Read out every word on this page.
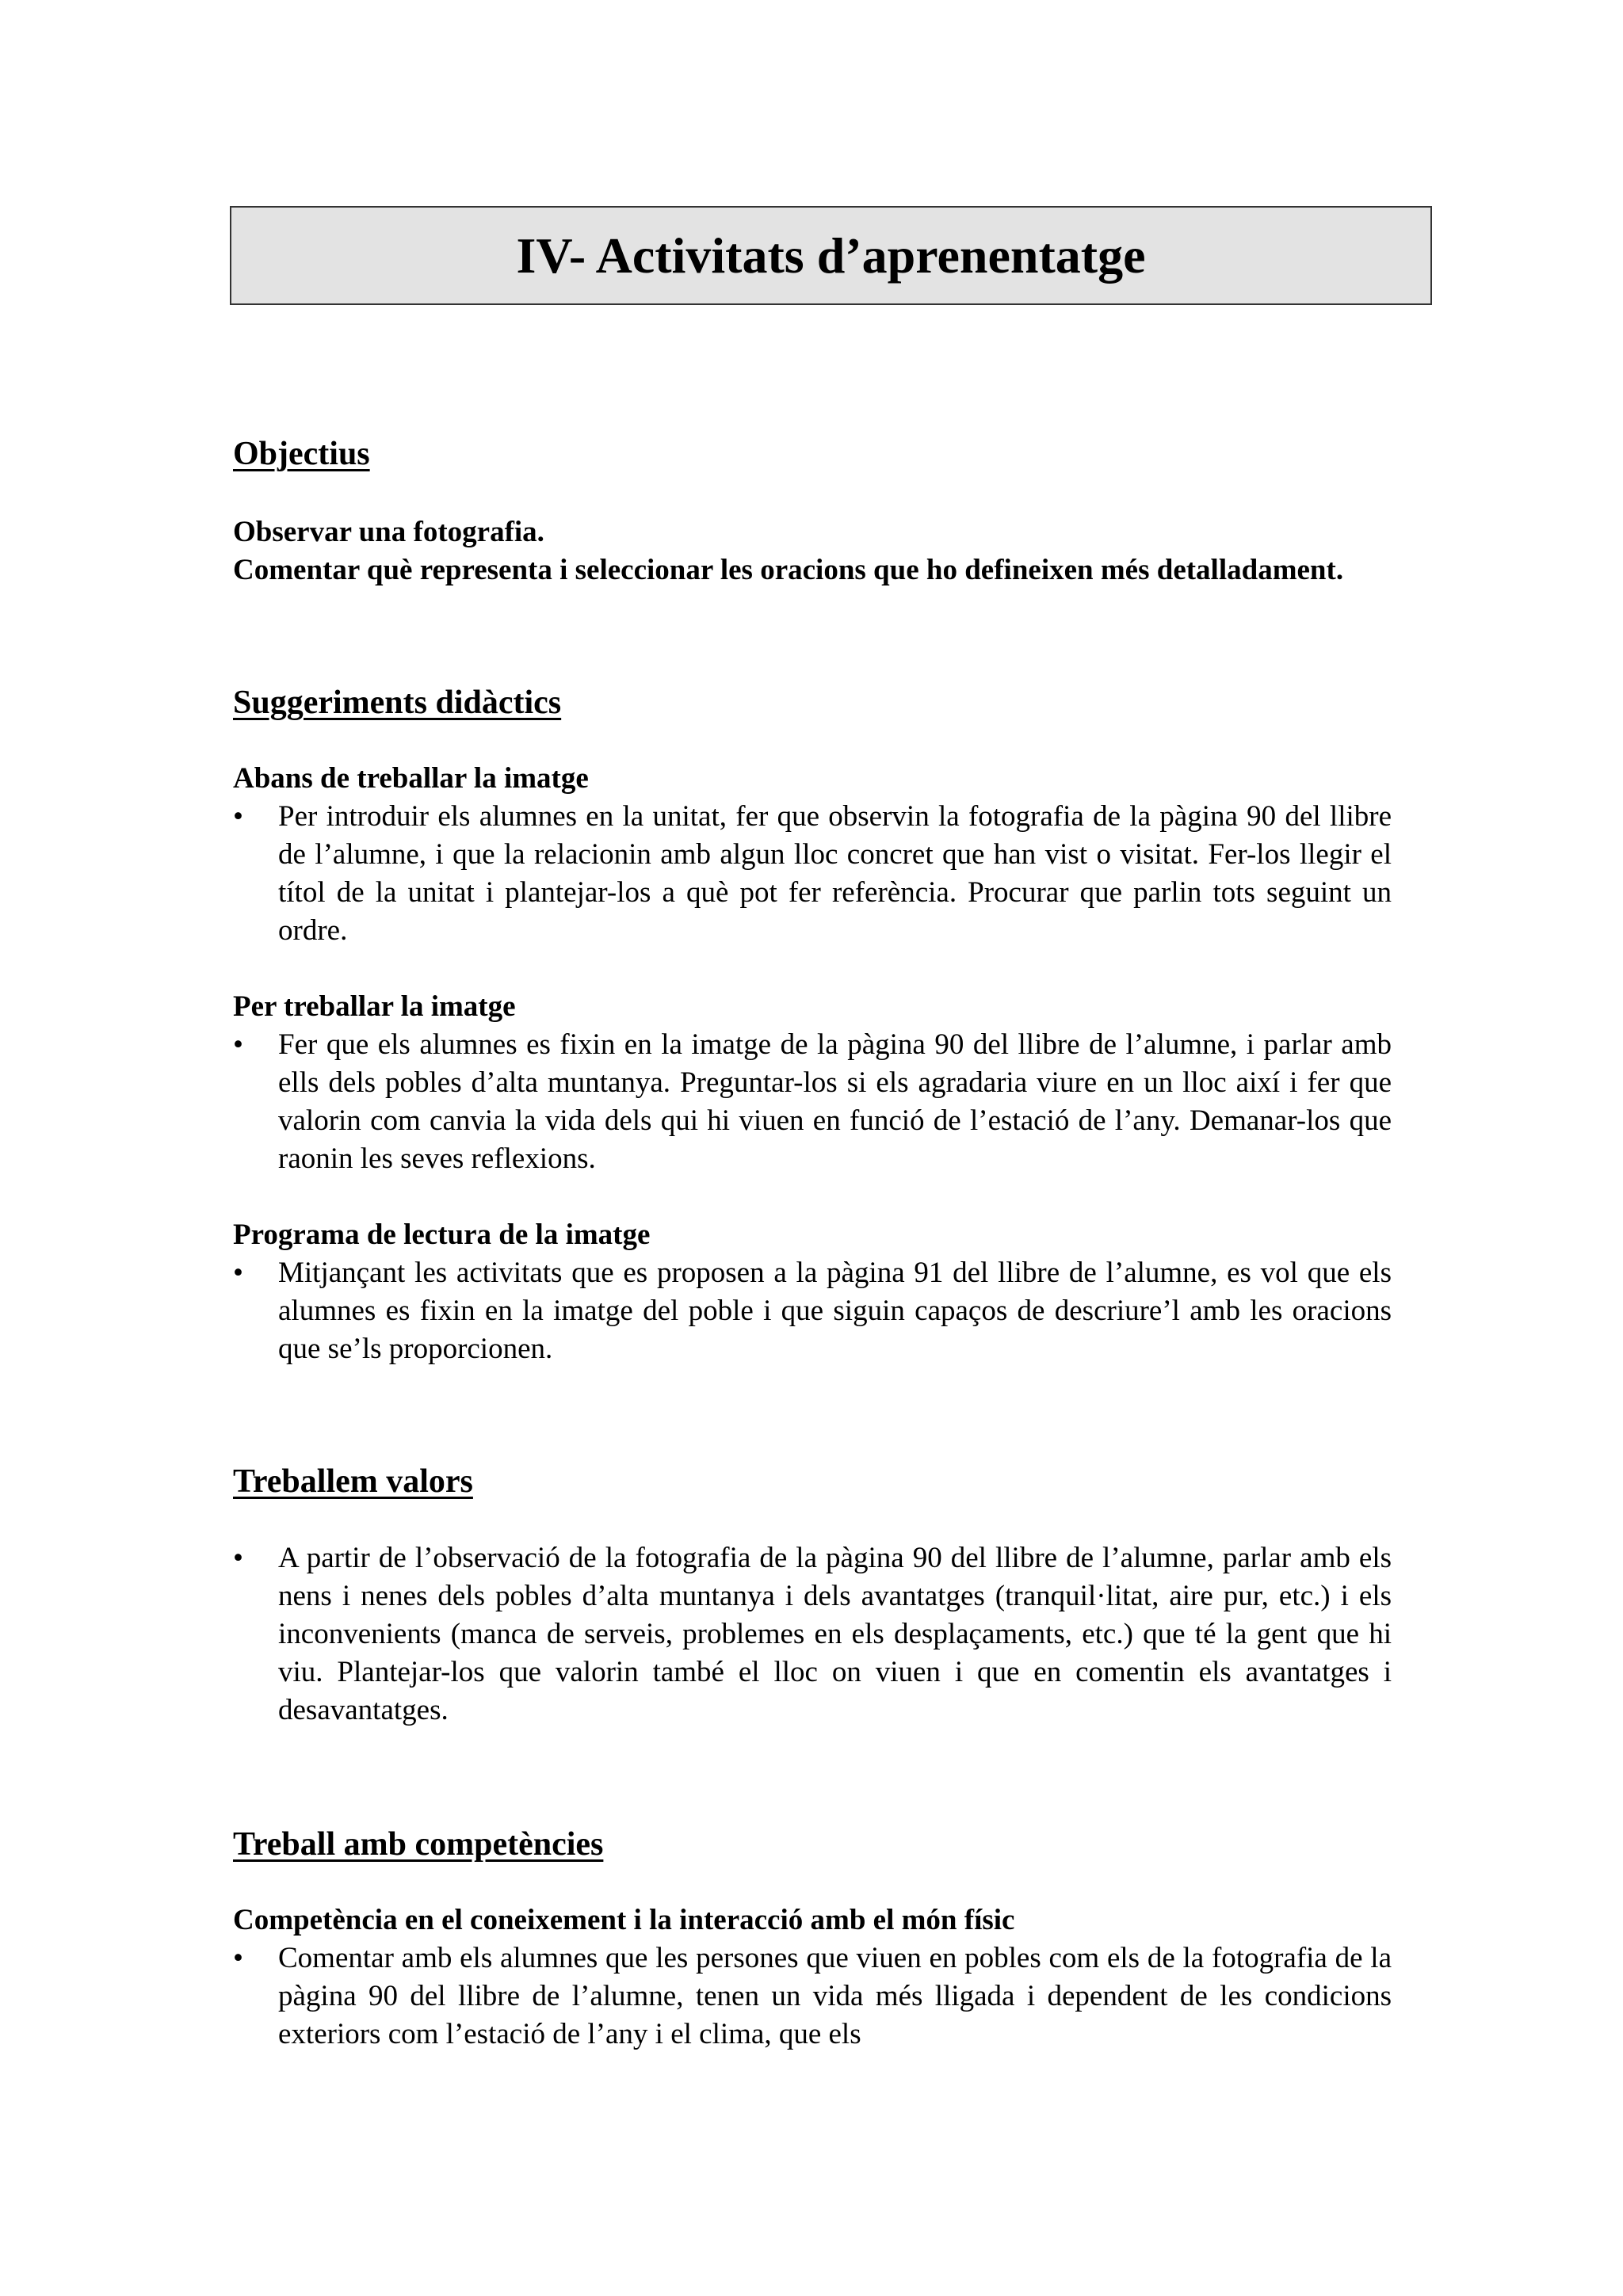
IV- Activitats d’aprenentatge
Objectius

Observar una fotografia.

Comentar què representa i seleccionar les oracions que ho defineixen més detalladament.

Suggeriments didàctics
Abans de treballar la imatge
•	Per introduir els alumnes en la unitat, fer que observin la fotografia de la pàgina 90 del llibre de l’alumne, i que la relacionin amb algun lloc concret que han vist o visitat. Fer-los llegir el títol de la unitat i plantejar-los a què pot fer referència. Procurar que parlin tots seguint un ordre.
Per treballar la imatge
•	Fer que els alumnes es fixin en la imatge de la pàgina 90 del llibre de l’alumne, i parlar amb ells dels pobles d’alta muntanya. Preguntar-los si els agradaria viure en un lloc així i fer que valorin com canvia la vida dels qui hi viuen en funció de l’estació de l’any. Demanar-los que raonin les seves reflexions.
Programa de lectura de la imatge
•	Mitjançant les activitats que es proposen a la pàgina 91 del llibre de l’alumne, es vol que els alumnes es fixin en la imatge del poble i que siguin capaços de descriure’l amb les oracions que se’ls proporcionen.
Treballem valors
•	A partir de l’observació de la fotografia de la pàgina 90 del llibre de l’alumne, parlar amb els nens i nenes dels pobles d’alta muntanya i dels avantatges (tranquil·litat, aire pur, etc.) i els inconvenients (manca de serveis, problemes en els desplaçaments, etc.) que té la gent que hi viu. Plantejar-los que valorin també el lloc on viuen i que en comentin els avantatges i desavantatges.
Treball amb competències
Competència en el coneixement i la interacció amb el món físic
•	Comentar amb els alumnes que les persones que viuen en pobles com els de la fotografia de la pàgina 90 del llibre de l’alumne, tenen un vida més lligada i dependent de les condicions exteriors com l’estació de l’any i el clima, que els
